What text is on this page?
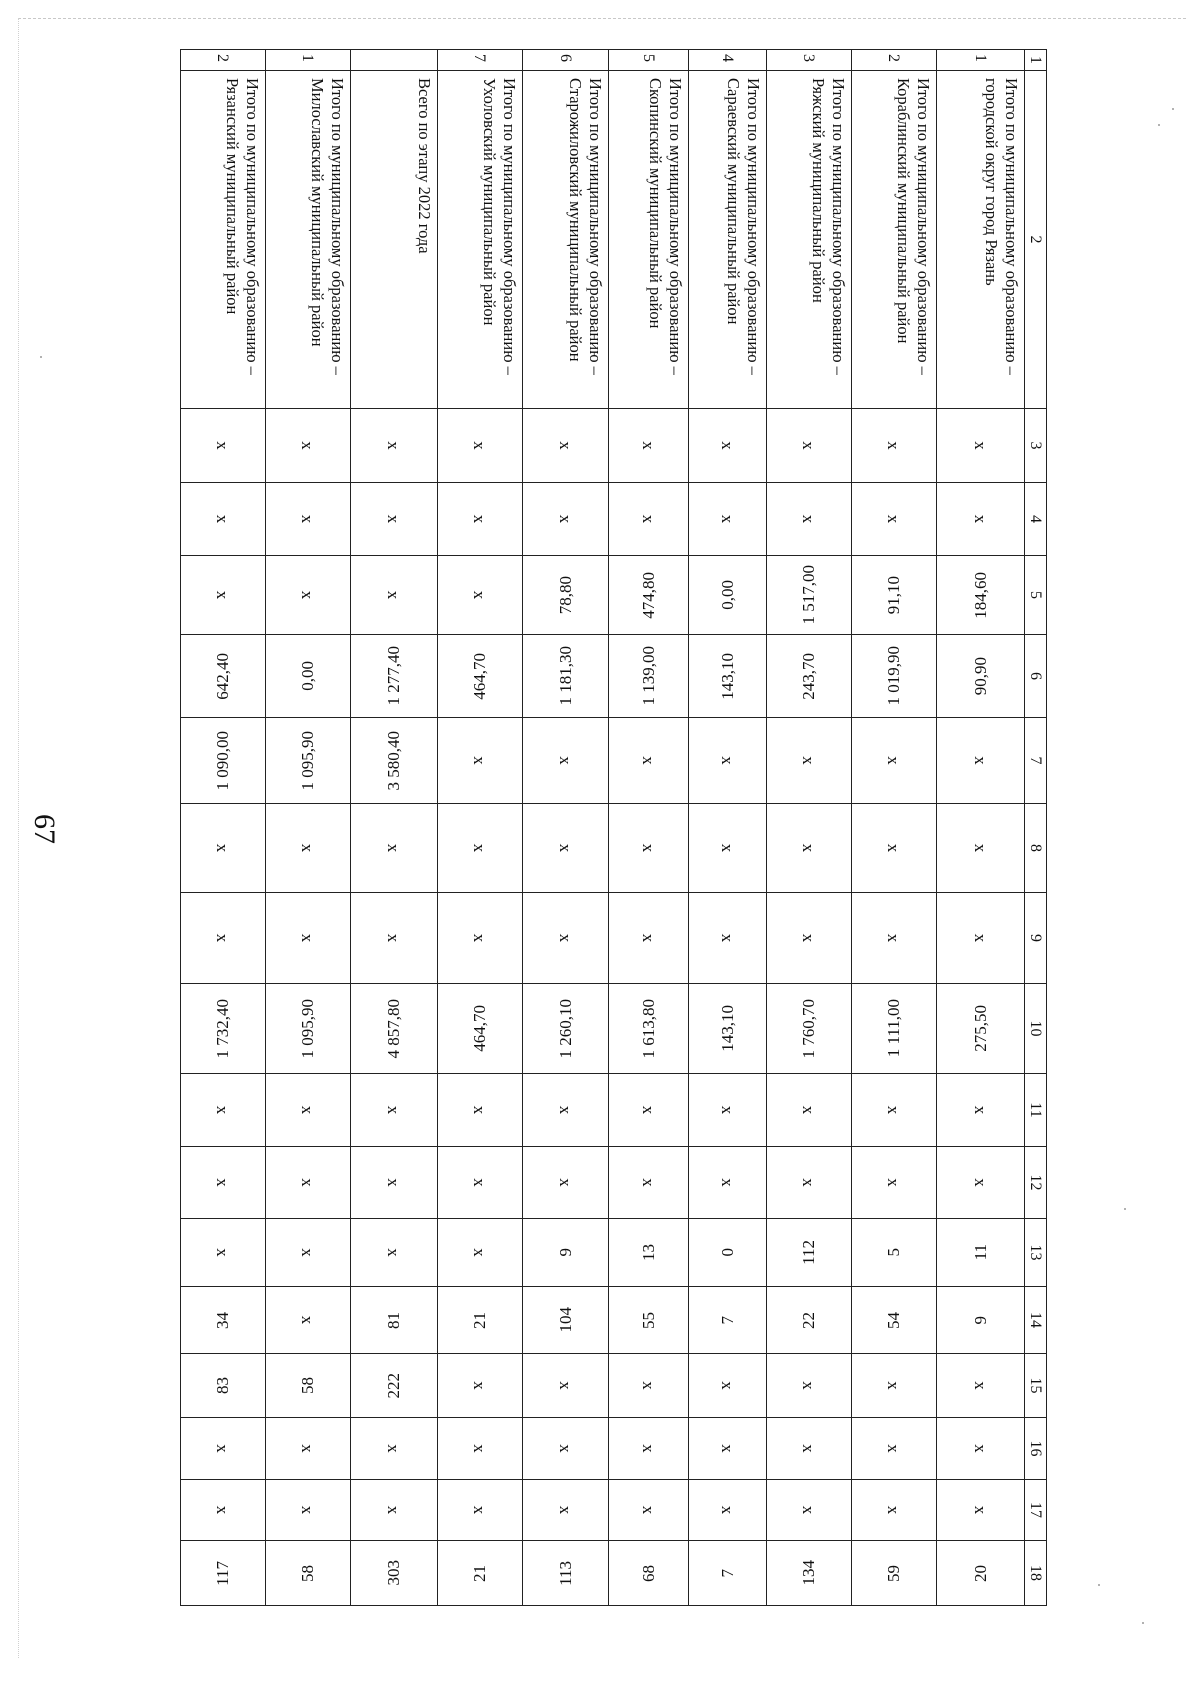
67
1	2	3	4	5	6	7	8	9	10	11	12	13	14	15	16	17	18
1	Итого по муниципальному образованию – городской округ город Рязань	x	x	184,60	90,90	x	x	x	275,50	x	x	11	9	x	x	x	20
2	Итого по муниципальному образованию – Кораблинский муниципальный район	x	x	91,10	1 019,90	x	x	x	1 111,00	x	x	5	54	x	x	x	59
3	Итого по муниципальному образованию – Ряжский муниципальный район	x	x	1 517,00	243,70	x	x	x	1 760,70	x	x	112	22	x	x	x	134
4	Итого по муниципальному образованию – Сараевский муниципальный район	x	x	0,00	143,10	x	x	x	143,10	x	x	0	7	x	x	x	7
5	Итого по муниципальному образованию – Скопинский муниципальный район	x	x	474,80	1 139,00	x	x	x	1 613,80	x	x	13	55	x	x	x	68
6	Итого по муниципальному образованию – Старожиловский муниципальный район	x	x	78,80	1 181,30	x	x	x	1 260,10	x	x	9	104	x	x	x	113
7	Итого по муниципальному образованию – Ухоловский муниципальный район	x	x	x	464,70	x	x	x	464,70	x	x	x	21	x	x	x	21
	Всего по этапу 2022 года	x	x	x	1 277,40	3 580,40	x	x	4 857,80	x	x	x	81	222	x	x	303
1	Итого по муниципальному образованию – Милославский муниципальный район	x	x	x	0,00	1 095,90	x	x	1 095,90	x	x	x	x	58	x	x	58
2	Итого по муниципальному образованию – Рязанский муниципальный район	x	x	x	642,40	1 090,00	x	x	1 732,40	x	x	x	34	83	x	x	117
